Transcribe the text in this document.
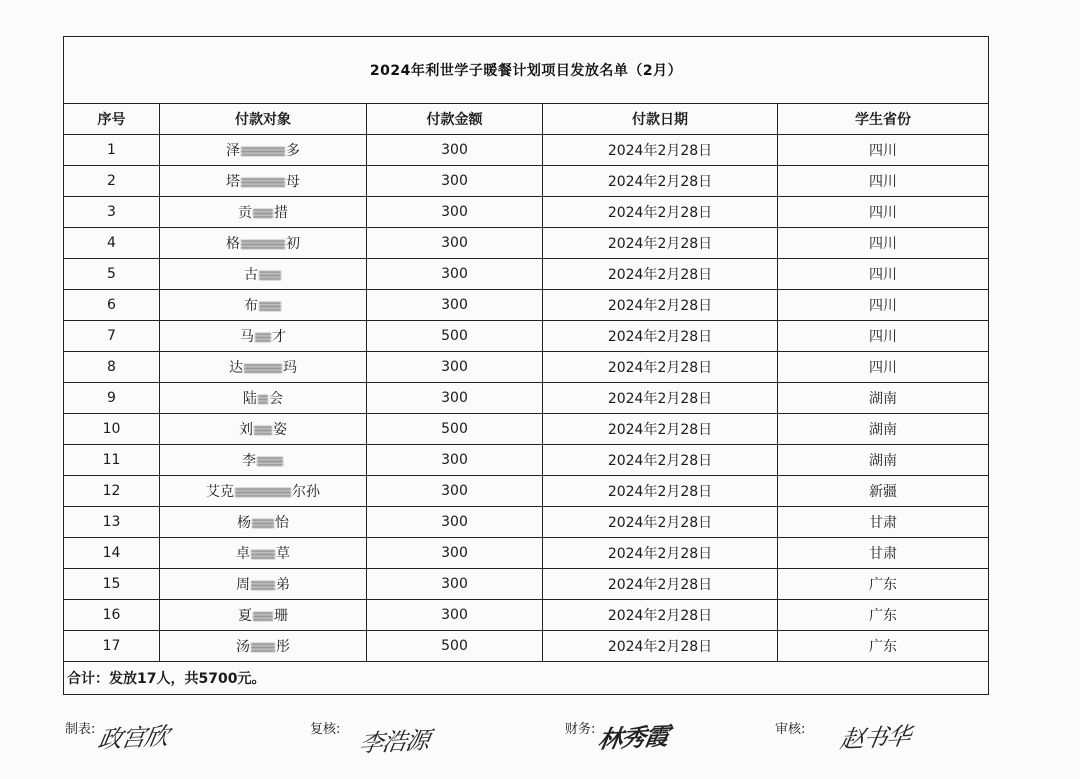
2024年利世学子暖餐计划项目发放名单（2月）				
序号	付款对象	付款金额	付款日期	学生省份
1	泽 多	300	2024年2月28日	四川
2	塔 母	300	2024年2月28日	四川
3	贡 措	300	2024年2月28日	四川
4	格 初	300	2024年2月28日	四川
5	古	300	2024年2月28日	四川
6	布	300	2024年2月28日	四川
7	马 才	500	2024年2月28日	四川
8	达 玛	300	2024年2月28日	四川
9	陆 会	300	2024年2月28日	湖南
10	刘 姿	500	2024年2月28日	湖南
11	李	300	2024年2月28日	湖南
12	艾克 尔孙	300	2024年2月28日	新疆
13	杨 怡	300	2024年2月28日	甘肃
14	卓 草	300	2024年2月28日	甘肃
15	周 弟	300	2024年2月28日	广东
16	夏 珊	300	2024年2月28日	广东
17	汤 彤	500	2024年2月28日	广东
合计：发放17人，共5700元。				
制表:政宫欣	复核: 李浩源	财务:林秀霞	审核: 赵书华
